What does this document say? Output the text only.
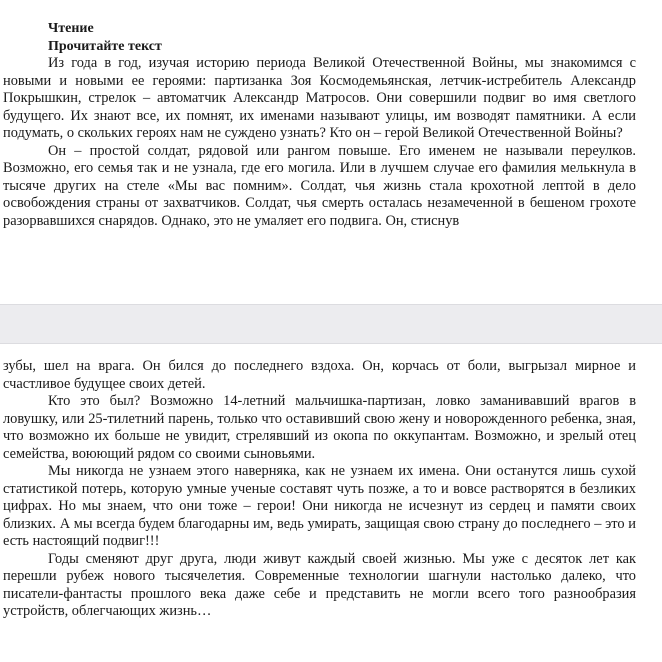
Чтение
Прочитайте текст

Из года в год, изучая историю периода Великой Отечественной Войны, мы знакомимся с новыми и новыми ее героями: партизанка Зоя Космодемьянская, летчик-истребитель Александр Покрышкин, стрелок – автоматчик Александр Матросов. Они совершили подвиг во имя светлого будущего. Их знают все, их помнят, их именами называют улицы, им возводят памятники. А если подумать, о скольких героях нам не суждено узнать? Кто он – герой Великой Отечественной Войны?

Он – простой солдат, рядовой или рангом повыше. Его именем не называли переулков. Возможно, его семья так и не узнала, где его могила. Или в лучшем случае его фамилия мелькнула в тысяче других на стеле «Мы вас помним». Солдат, чья жизнь стала крохотной лептой в дело освобождения страны от захватчиков. Солдат, чья смерть осталась незамеченной в бешеном грохоте разорвавшихся снарядов. Однако, это не умаляет его подвига. Он, стиснув

зубы, шел на врага. Он бился до последнего вздоха. Он, корчась от боли, выгрызал мирное и счастливое будущее своих детей.

Кто это был? Возможно 14-летний мальчишка-партизан, ловко заманивавший врагов в ловушку, или 25-тилетний парень, только что оставивший свою жену и новорожденного ребенка, зная, что возможно их больше не увидит, стрелявший из окопа по оккупантам. Возможно, и зрелый отец семейства, воюющий рядом со своими сыновьями.

Мы никогда не узнаем этого наверняка, как не узнаем их имена. Они останутся лишь сухой статистикой потерь, которую умные ученые составят чуть позже, а то и вовсе растворятся в безликих цифрах. Но мы знаем, что они тоже – герои! Они никогда не исчезнут из сердец и памяти своих близких. А мы всегда будем благодарны им, ведь умирать, защищая свою страну до последнего – это и есть настоящий подвиг!!!

Годы сменяют друг друга, люди живут каждый своей жизнью. Мы уже с десяток лет как перешли рубеж нового тысячелетия. Современные технологии шагнули настолько далеко, что писатели-фантасты прошлого века даже себе и представить не могли всего того разнообразия устройств, облегчающих жизнь…
